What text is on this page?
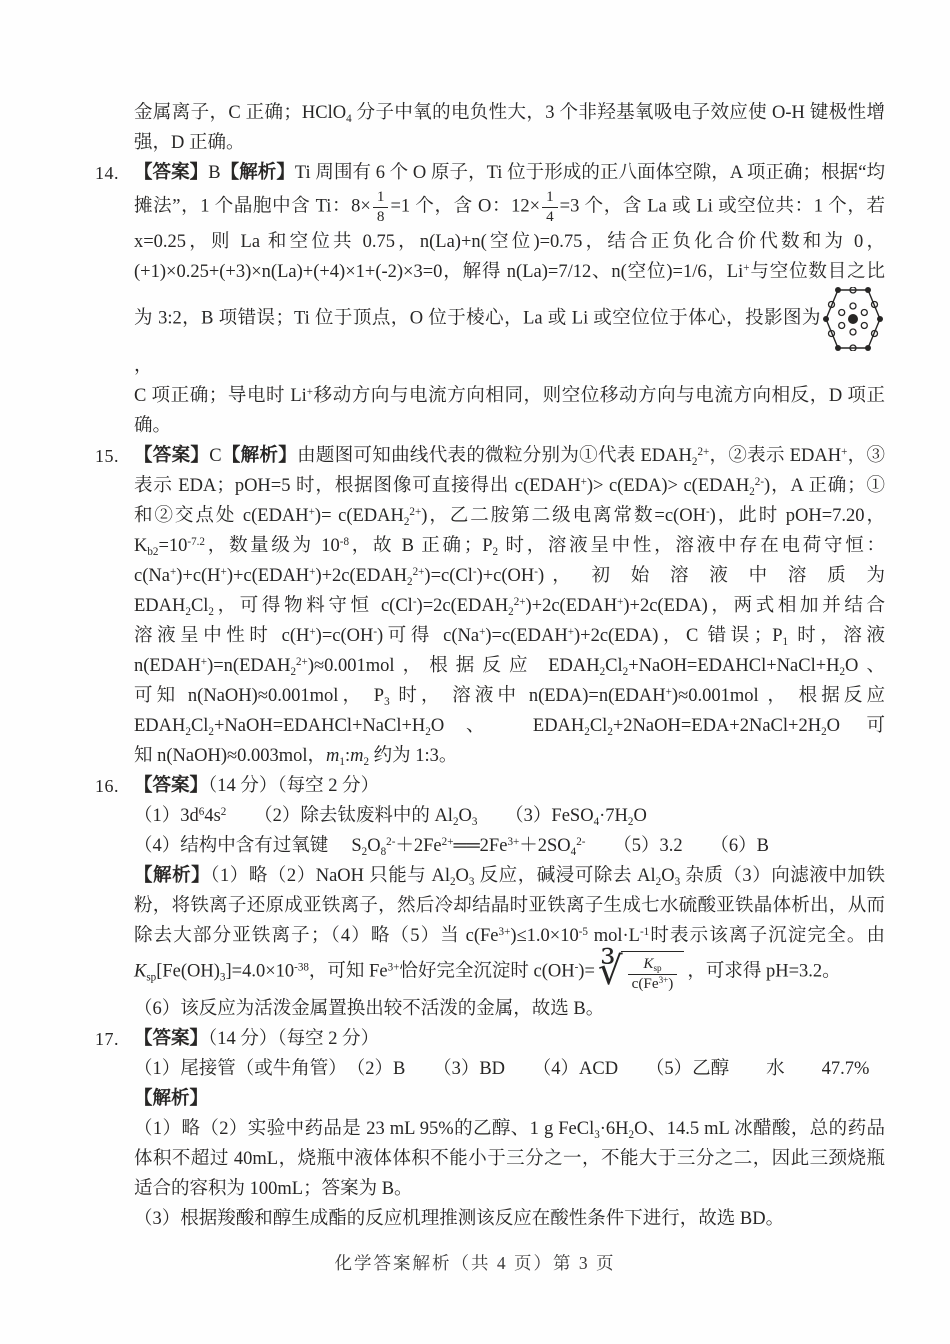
金属离子，C 正确；HClO$_4$ 分子中氧的电负性大，3 个非羟基氧吸电子效应使 O-H 键极性增
强，D 正确。
14. 【答案】B【解析】Ti 周围有 6 个 O 原子，Ti 位于形成的正八面体空隙，A 项正确；根据“均
摊法”，1 个晶胞中含 Ti：$8\times \frac{1}{8} =1$ 个，含 O：$12\times \frac{1}{4} =3$ 个，含 La 或 Li 或空位共：1 个，若
x=0.25，则 La 和空位共 0.75，n(La)+n(空位)=0.75，结合正负化合价代数和为 0，
(+1)×0.25+(+3)×n(La)+(+4)×1+(-2)×3=0，解得 n(La)=7/12、n(空位)=1/6，Li+与空位数目之比
为 3:2，B 项错误；Ti 位于顶点，O 位于棱心，La 或 Li 或空位位于体心，投影图为，
C 项正确；导电时 Li+移动方向与电流方向相同，则空位移动方向与电流方向相反，D 项正
确。
15. 【答案】C【解析】由题图可知曲线代表的微粒分别为①代表 $EDAH_2^{2+}$，②表示 EDAH+，③
表示 EDA；pOH=5 时，根据图像可直接得出 c(EDAH+)> $c(EDA)> c(EDAH_2^{2-})$，A 正确；①
和②交点处 c(EDAH+)= $c(EDAH_2^{2+})$，乙二胺第二级电离常数=c(OH-)，此时 pOH=7.20，
$K_{b2}=10^{-7.2}$，数量级为 $10^{-8}$，故 B 正确；$P_2$ 时，溶液呈中性，溶液中存在电荷守恒：
$c(Na^+)+c(H^+)+c(EDAH^+)+2c(EDAH_2^{2+})=c(Cl^-)+c(OH^-)$， 初 始 溶 液 中 溶 质 为
$EDAH_2Cl_2$，可得物料守恒 $c(Cl^-)=2c(EDAH_2^{2+})+2c(EDAH^+)+2c(EDA)$，两式相加并结合
溶液呈中性时 c(H+)=c(OH-)可得 c(Na+)=c(EDAH+)+2c(EDA)，C 错误；$P_1$ 时，溶液
$n(EDAH^+)=n(EDAH_2^{2+})\approx 0.001mol$，根据反应 $EDAH_2Cl_2+NaOH=EDAHCl+NaCl+H_2O$、
可知 n(NaOH)≈0.001mol， $P_3$ 时， 溶液中 n(EDA)=n(EDAH+)≈0.001mol ， 根据反应
$EDAH_2Cl_2+NaOH=EDAHCl+NaCl+H_2O$、 $EDAH_2Cl_2+2NaOH=EDA+2NaCl+2H_2O$ 可
知 n(NaOH)≈0.003mol，$m_1:m_2$ 约为 1:3。
16. 【答案】（14 分）（每空 2 分）
$(1)3d^64s^2$　　（2）除去钛废料中的 $Al_2O_3$　　$(3)FeSO_4\cdot 7H_2O$
（4）结构中含有过氧键　 $S_2O_8^{2-}+2Fe^{2+}══2Fe^{3+}+2SO_4^{2-}$　　（5）3.2　　（6）B
【解析】（1）略（2）NaOH 只能与 $Al_2O_3$ 反应，碱浸可除去 $Al_2O_3$ 杂质（3）向滤液中加铁
粉，将铁离子还原成亚铁离子，然后冷却结晶时亚铁离子生成七水硫酸亚铁晶体析出，从而
除去大部分亚铁离子；（4）略（5）当 $c(Fe^{3+})\le 1.0\times 10^{-5}$ $mol\cdot L^{-1}$时表示该离子沉淀完全。由
$K_{sp}[Fe(OH)_3]=4.0\times 10^{-38}$，可知 $Fe^{3+}$恰好完全沉淀时 c(OH-)= ∛ $\frac{K_{sp}}{c(Fe^{3+})}$ ，可求得 pH=3.2。
（6）该反应为活泼金属置换出较不活泼的金属，故选 B。
17. 【答案】（14 分）（每空 2 分）
（1）尾接管（或牛角管）　（2）B　　（3）BD　　（4）ACD　　（5）乙醇　　水　　47.7%
【解析】
（1）略（2）实验中药品是 23 mL 95%的乙醇、1 g $FeCl_3\cdot 6H_2O$、14.5 mL 冰醋酸，总的药品
体积不超过 40mL，烧瓶中液体体积不能小于三分之一，不能大于三分之二，因此三颈烧瓶
适合的容积为 100mL；答案为 B。
（3）根据羧酸和醇生成酯的反应机理推测该反应在酸性条件下进行，故选 BD。
化学答案解析（共 4 页）第 3 页
